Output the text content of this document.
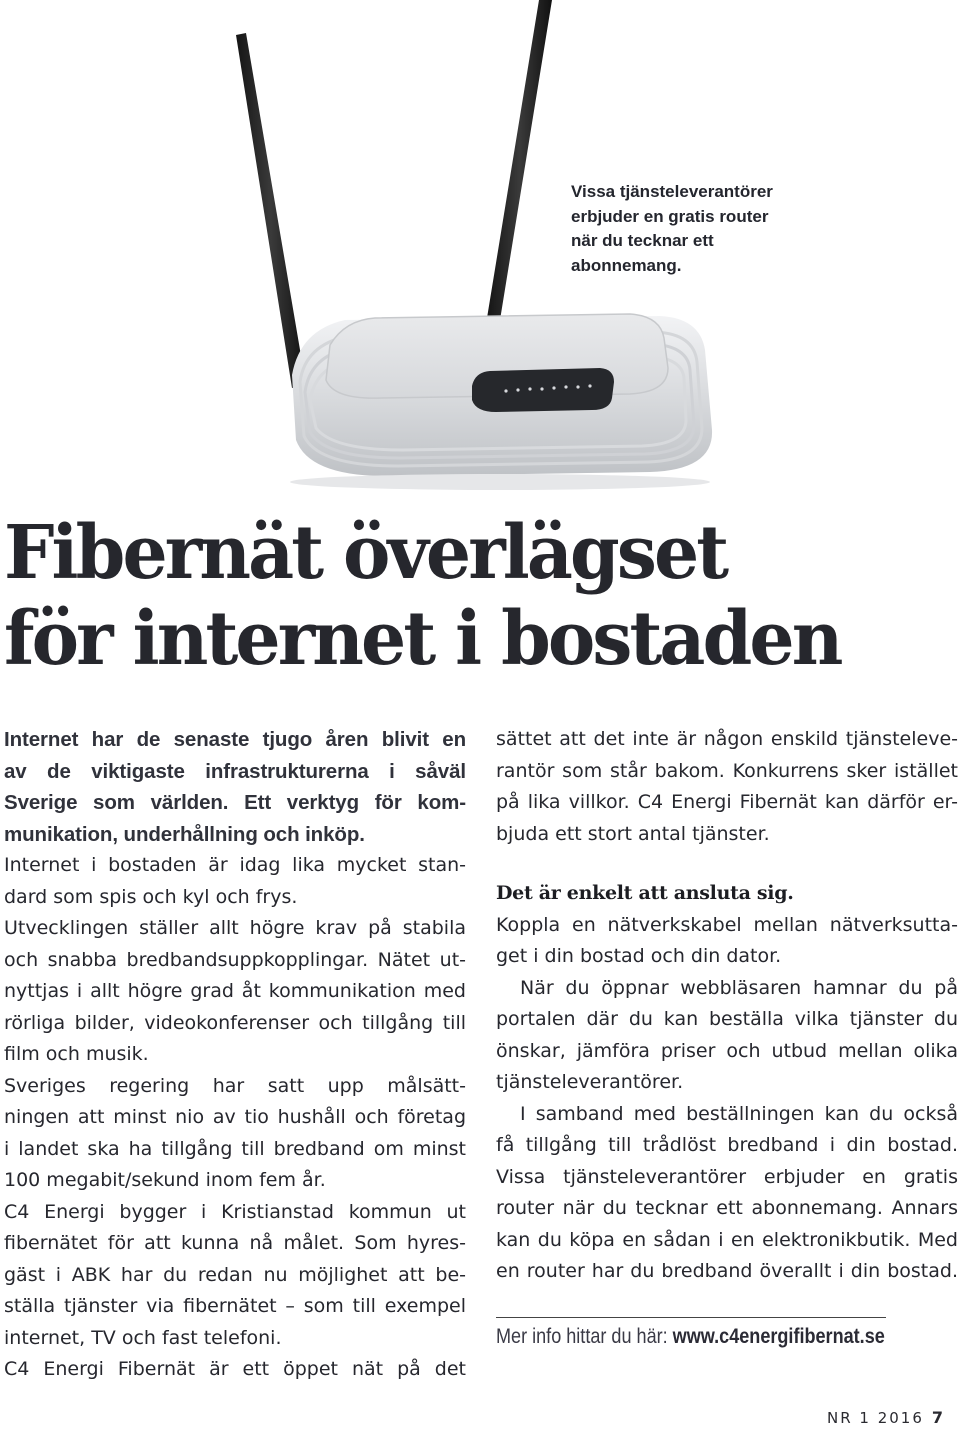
Vissa tjänsteleverantörer
erbjuder en gratis router
när du tecknar ett
abonnemang.
Fibernät överlägset
för internet i bostaden

Internet har de senaste tjugo åren blivit en
av de viktigaste infrastrukturerna i såväl
Sverige som världen. Ett verktyg för kom-
munikation, underhållning och inköp.

Internet i bostaden är idag lika mycket stan-
dard som spis och kyl och frys.

Utvecklingen ställer allt högre krav på stabila
och snabba bredbandsuppkopplingar. Nätet ut-
nyttjas i allt högre grad åt kommunikation med
rörliga bilder, videokonferenser och tillgång till
film och musik.

Sveriges regering har satt upp målsätt-
ningen att minst nio av tio hushåll och företag
i landet ska ha tillgång till bredband om minst
100 megabit/sekund inom fem år.

C4 Energi bygger i Kristianstad kommun ut
fibernätet för att kunna nå målet. Som hyres-
gäst i ABK har du redan nu möjlighet att be-
ställa tjänster via fibernätet – som till exempel
internet, TV och fast telefoni.

C4 Energi Fibernät är ett öppet nät på det

sättet att det inte är någon enskild tjänsteleve-
rantör som står bakom. Konkurrens sker istället
på lika villkor. C4 Energi Fibernät kan därför er-
bjuda ett stort antal tjänster.

Det är enkelt att ansluta sig.

Koppla en nätverkskabel mellan nätverksutta-
get i din bostad och din dator.

När du öppnar webbläsaren hamnar du på
portalen där du kan beställa vilka tjänster du
önskar, jämföra priser och utbud mellan olika
tjänsteleverantörer.

I samband med beställningen kan du också
få tillgång till trådlöst bredband i din bostad.
Vissa tjänsteleverantörer erbjuder en gratis
router när du tecknar ett abonnemang. Annars
kan du köpa en sådan i en elektronikbutik. Med
en router har du bredband överallt i din bostad.

Mer info hittar du här: www.c4energifibernat.se
NR 1 2016 7
